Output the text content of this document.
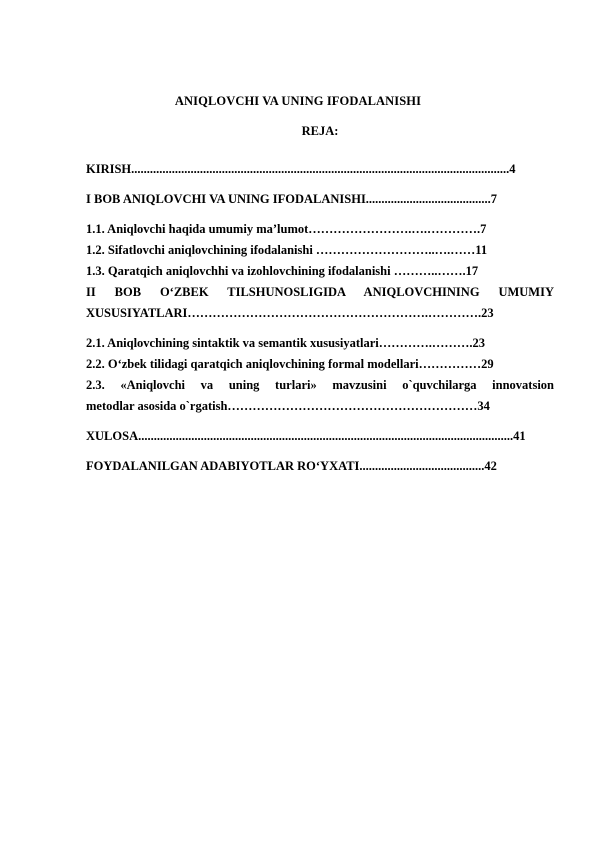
ANIQLOVCHI VA UNING IFODALANISHI
REJA:
KIRISH.........................................................................................................................4
I BOB ANIQLOVCHI VA UNING IFODALANISHI........................................7
1.1. Aniqlovchi haqida umumiy ma’lumot…………………….….………….7
1.2. Sifatlovchi aniqlovchining ifodalanishi ………………………..….……11
1.3. Qaratqich aniqlovchhi va izohlovchining ifodalanishi ………..…….17
II BOB O‘ZBEK TILSHUNOSLIGIDA ANIQLOVCHINING UMUMIY
XUSUSIYATLARI………………………………………………….………….23
2.1. Aniqlovchining sintaktik va semantik xususiyatlari………….……….23
2.2. O‘zbek tilidagi qaratqich aniqlovchining formal modellari……………29
2.3. «Aniqlovchi va uning turlari» mavzusini o`quvchilarga innovatsion
metodlar asosida o`rgatish……………………………………………………34
XULOSA........................................................................................................................41
FOYDALANILGAN ADABIYOTLAR RO‘YXATI........................................42
